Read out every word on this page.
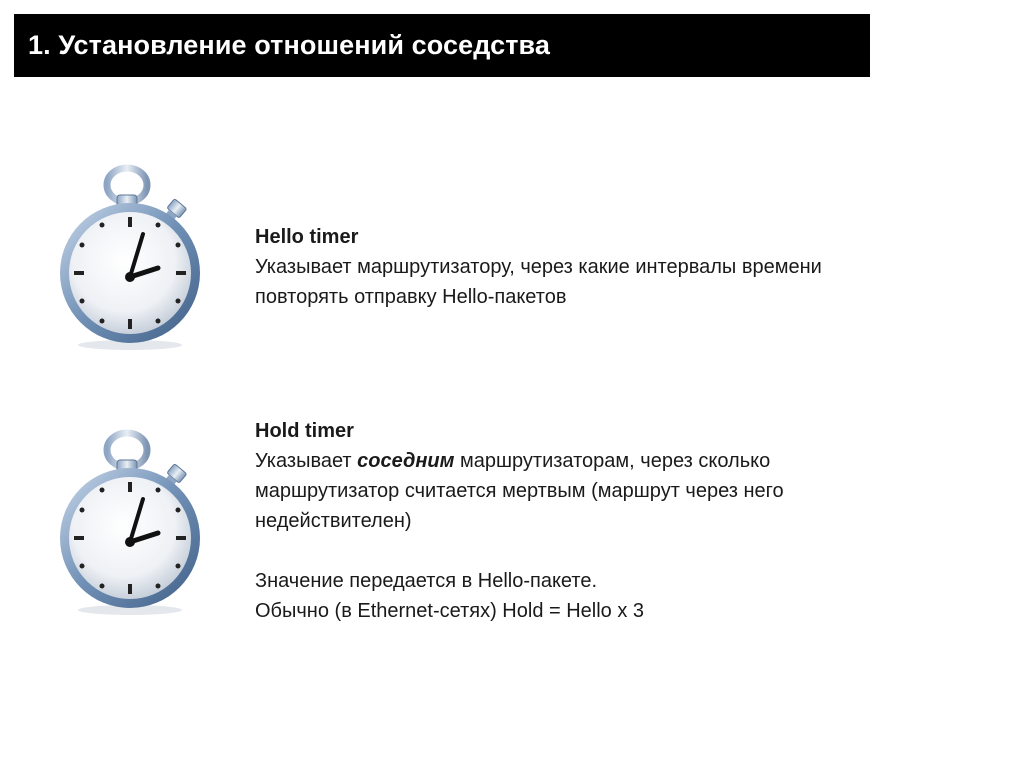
1. Установление отношений соседства
Hello timer
Указывает маршрутизатору, через какие интервалы времени
повторять отправку Hello-пакетов
Hold timer
Указывает соседним маршрутизаторам, через сколько
маршрутизатор считается мертвым (маршрут через него
недействителен)
Значение передается в Hello-пакете.
Обычно (в Ethernet-сетях) Hold = Hello x 3
